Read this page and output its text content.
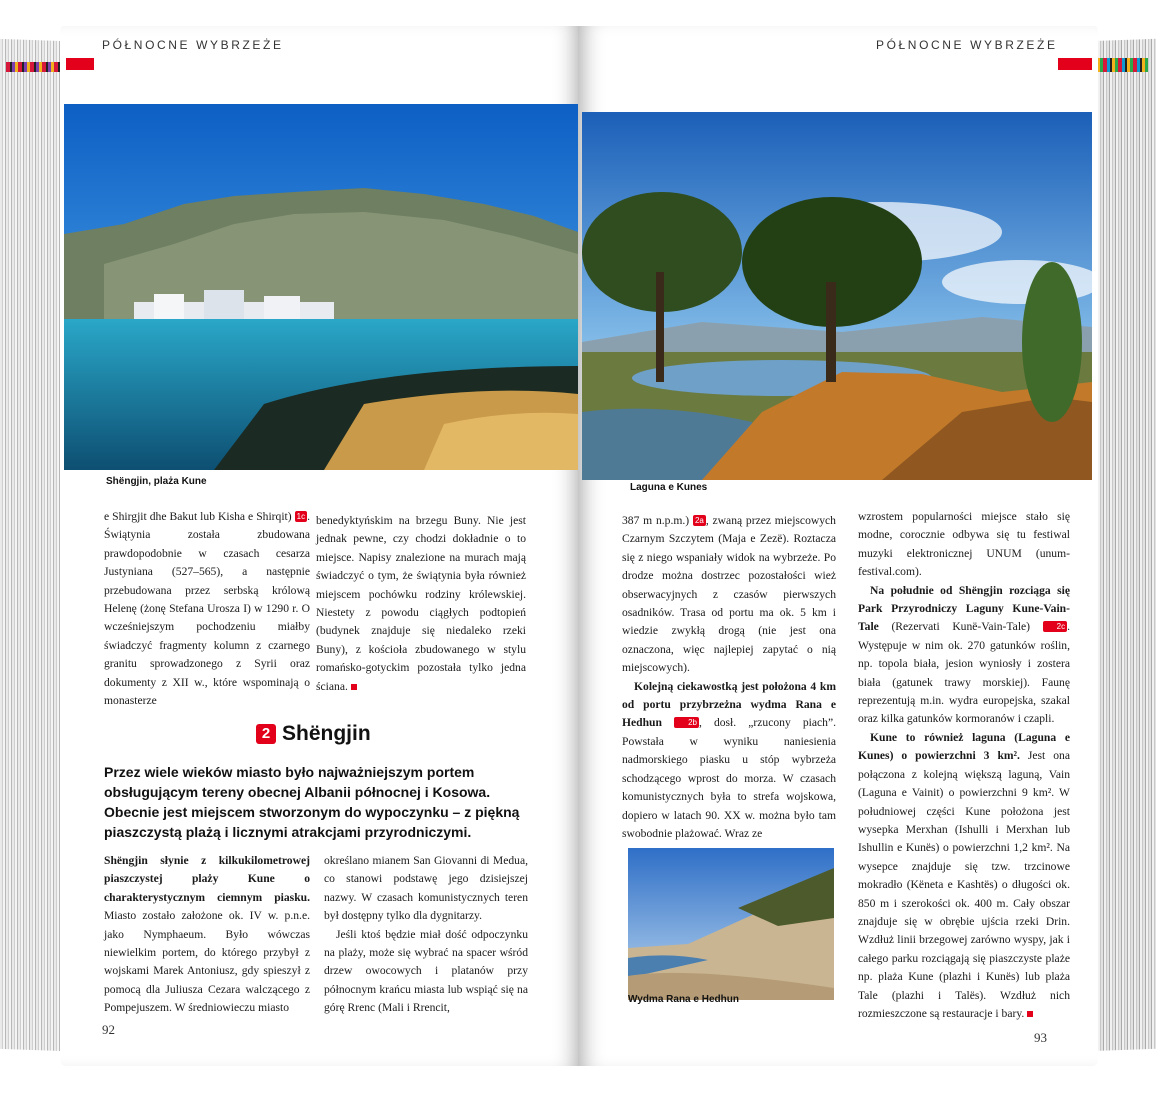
PÓŁNOCNE WYBRZEŻE
Shëngjin, plaża Kune

e Shirgjit dhe Bakut lub Kisha e Shirqit) 1c . Świątynia została zbudowana prawdopodobnie w czasach cesarza Justyniana (527–565), a następnie przebudowana przez serbską królową Helenę (żonę Stefana Urosza I) w 1290 r. O wcześniejszym pochodzeniu miałby świadczyć fragmenty kolumn z czarnego granitu sprowadzonego z Syrii oraz dokumenty z XII w., które wspominają o monasterze

benedyktyńskim na brzegu Buny. Nie jest jednak pewne, czy chodzi dokładnie o to miejsce. Napisy znalezione na murach mają świadczyć o tym, że świątynia była również miejscem pochówku rodziny królewskiej. Niestety z powodu ciągłych podtopień (budynek znajduje się niedaleko rzeki Buny), z kościoła zbudowanego w stylu romańsko-gotyckim pozostała tylko jedna ściana.

2 Shëngjin
Przez wiele wieków miasto było najważniejszym portem obsługującym tereny obecnej Albanii północnej i Kosowa. Obecnie jest miejscem stworzonym do wypoczynku – z piękną piaszczystą plażą i licznymi atrakcjami przyrodniczymi.

Shëngjin słynie z kilkukilometrowej piaszczystej plaży Kune o charakterystycznym ciemnym piasku. Miasto zostało założone ok. IV w. p.n.e. jako Nymphaeum. Było wówczas niewielkim portem, do którego przybył z wojskami Marek Antoniusz, gdy spieszył z pomocą dla Juliusza Cezara walczącego z Pompejuszem. W średniowieczu miasto

określano mianem San Giovanni di Medua, co stanowi podstawę jego dzisiejszej nazwy. W czasach komunistycznych teren był dostępny tylko dla dygnitarzy.

Jeśli ktoś będzie miał dość odpoczynku na plaży, może się wybrać na spacer wśród drzew owocowych i platanów przy północnym krańcu miasta lub wspiąć się na górę Rrenc (Mali i Rrencit,

92
PÓŁNOCNE WYBRZEŻE
Laguna e Kunes

387 m n.p.m.) 2a , zwaną przez miejscowych Czarnym Szczytem (Maja e Zezë). Roztacza się z niego wspaniały widok na wybrzeże. Po drodze można dostrzec pozostałości wież obserwacyjnych z czasów pierwszych osadników. Trasa od portu ma ok. 5 km i wiedzie zwykłą drogą (nie jest ona oznaczona, więc najlepiej zapytać o nią miejscowych).

Kolejną ciekawostką jest położona 4 km od portu przybrzeżna wydma Rana e Hedhun	2b , dosł. „rzucony piach”. Powstała w wyniku naniesienia nadmorskiego piasku u stóp wybrzeża schodzącego wprost do morza. W czasach komunistycznych była to strefa wojskowa, dopiero w latach 90. XX w. można było tam swobodnie plażować. Wraz ze

Wydma Rana e Hedhun

wzrostem popularności miejsce stało się modne, corocznie odbywa się tu festiwal muzyki elektronicznej UNUM (unum-festival.com).

Na południe od Shëngjin rozciąga się Park Przyrodniczy Laguny Kune-Vain-Tale (Rezervati Kunë-Vain-Tale) 2c . Występuje w nim ok. 270 gatunków roślin, np. topola biała, jesion wyniosły i zostera biała (gatunek trawy morskiej). Faunę reprezentują m.in. wydra europejska, szakal oraz kilka gatunków kormoranów i czapli.

Kune to również laguna (Laguna e Kunes) o powierzchni 3 km². Jest ona połączona z kolejną większą laguną, Vain (Laguna e Vainit) o powierzchni 9 km². W południowej części Kune położona jest wysepka Merxhan (Ishulli i Merxhan lub Ishullin e Kunës) o powierzchni 1,2 km². Na wysepce znajduje się tzw. trzcinowe mokradło (Këneta e Kashtës) o długości ok. 850 m i szerokości ok. 400 m. Cały obszar znajduje się w obrębie ujścia rzeki Drin. Wzdłuż linii brzegowej zarówno wyspy, jak i całego parku rozciągają się piaszczyste plaże np. plaża Kune (plazhi i Kunës) lub plaża Tale (plazhi i Talës). Wzdłuż nich rozmieszczone są restauracje i bary.

93
